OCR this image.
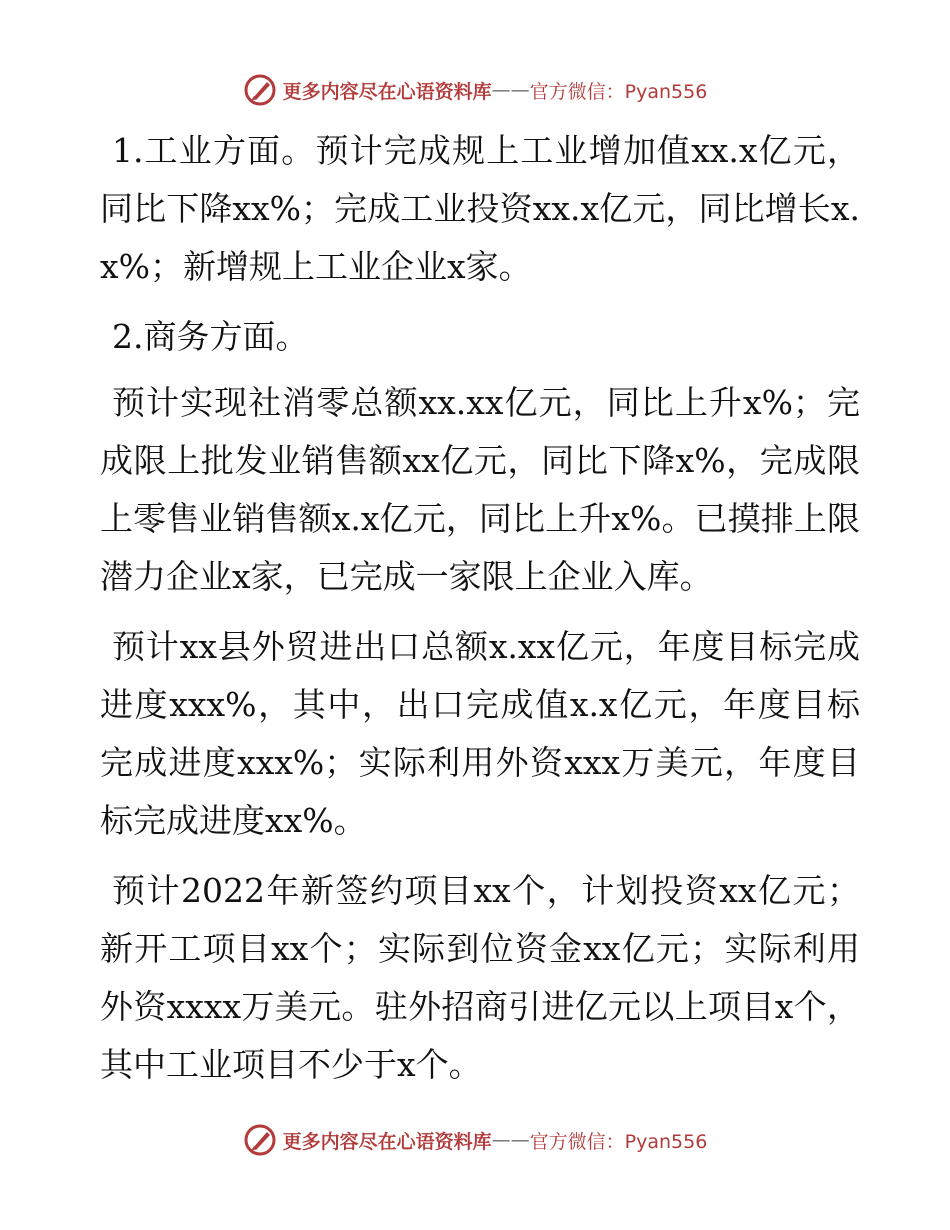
更多内容尽在心语资料库 —— 官方微信：Pyan556

1.工业方面。预计完成规上工业增加值xx.x亿元，同比下降xx%；完成工业投资xx.x亿元，同比增长x.x%；新增规上工业企业x家。

2.商务方面。

预计实现社消零总额xx.xx亿元，同比上升x%；完成限上批发业销售额xx亿元，同比下降x%，完成限上零售业销售额x.x亿元，同比上升x%。已摸排上限潜力企业x家，已完成一家限上企业入库。

预计xx县外贸进出口总额x.xx亿元，年度目标完成进度xxx%，其中，出口完成值x.x亿元，年度目标完成进度xxx%；实际利用外资xxx万美元，年度目标完成进度xx%。

预计2022年新签约项目xx个，计划投资xx亿元；新开工项目xx个；实际到位资金xx亿元；实际利用外资xxxx万美元。驻外招商引进亿元以上项目x个，其中工业项目不少于x个。

更多内容尽在心语资料库 —— 官方微信：Pyan556
